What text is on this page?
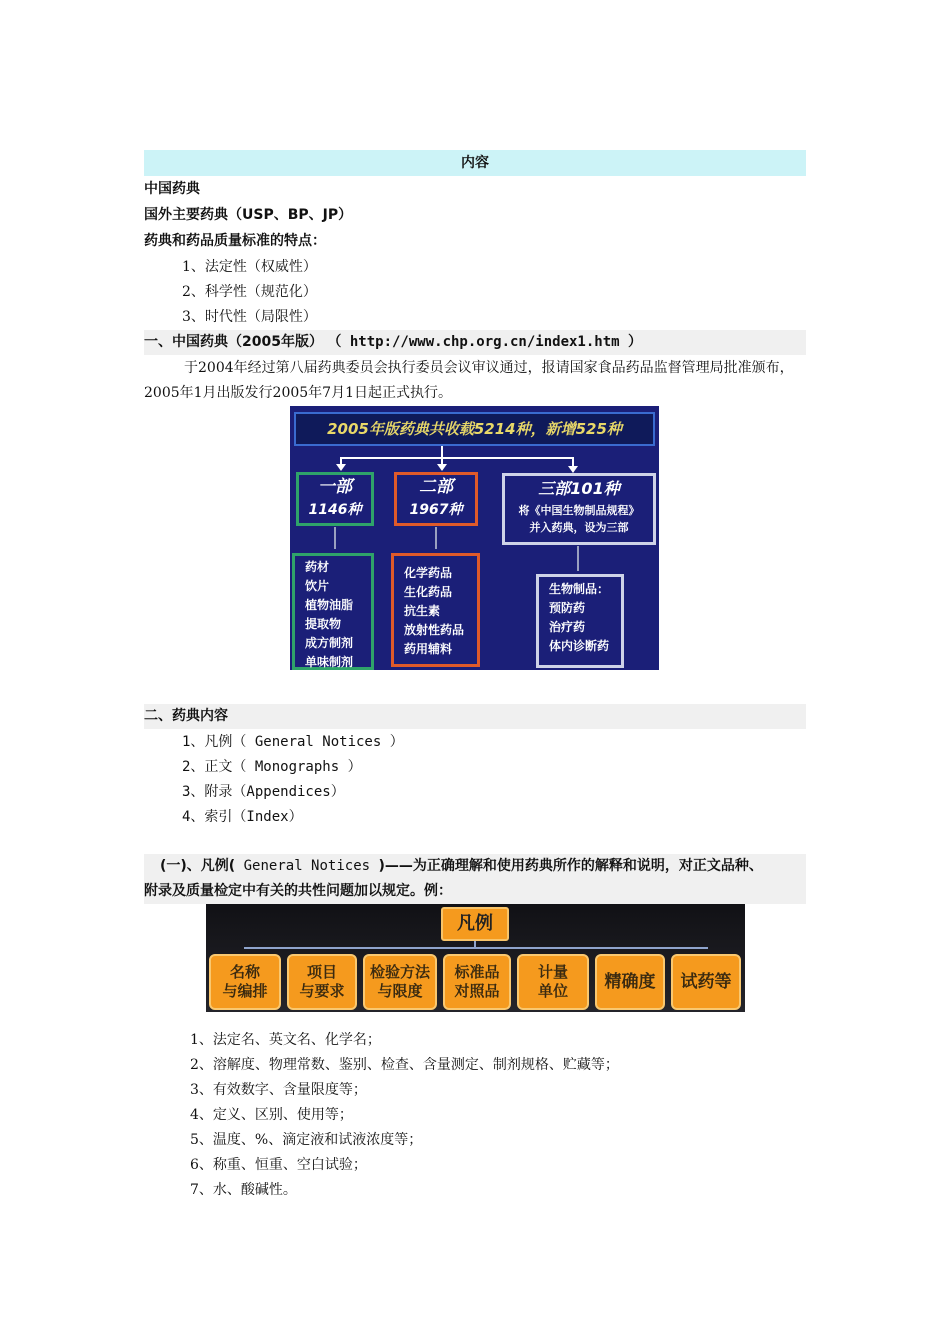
内容
中国药典
国外主要药典（USP、BP、JP）
药典和药品质量标准的特点：
1、法定性（权威性）
2、科学性（规范化）
3、时代性（局限性）
一、中国药典（2005年版） （ http://www.chp.org.cn/index1.htm ）
于2004年经过第八届药典委员会执行委员会议审议通过，报请国家食品药品监督管理局批准颁布， 2005年1月出版发行2005年7月1日起正式执行。
2005年版药典共收载5214种，新增525种
一部
1146种
二部
1967种
三部101种
将《中国生物制品规程》
并入药典，设为三部
药材
饮片
植物油脂
提取物
成方制剂
单味制剂
化学药品
生化药品
抗生素
放射性药品
药用辅料
生物制品：
预防药
治疗药
体内诊断药
二、药典内容
1、凡例（ General Notices ）
2、正文（ Monographs ）
3、附录（Appendices）
4、索引（Index）
(一)、凡例( General Notices )——为正确理解和使用药典所作的解释和说明，对正文品种、
附录及质量检定中有关的共性问题加以规定。例：
凡例
名称
与编排
项目
与要求
检验方法
与限度
标准品
对照品
计量
单位	精确度	试药等
1、法定名、英文名、化学名；
2、溶解度、物理常数、鉴别、检查、含量测定、制剂规格、贮藏等；
3、有效数字、含量限度等；
4、定义、区别、使用等；
5、温度、%、滴定液和试液浓度等；
6、称重、恒重、空白试验；
7、水、酸碱性。
